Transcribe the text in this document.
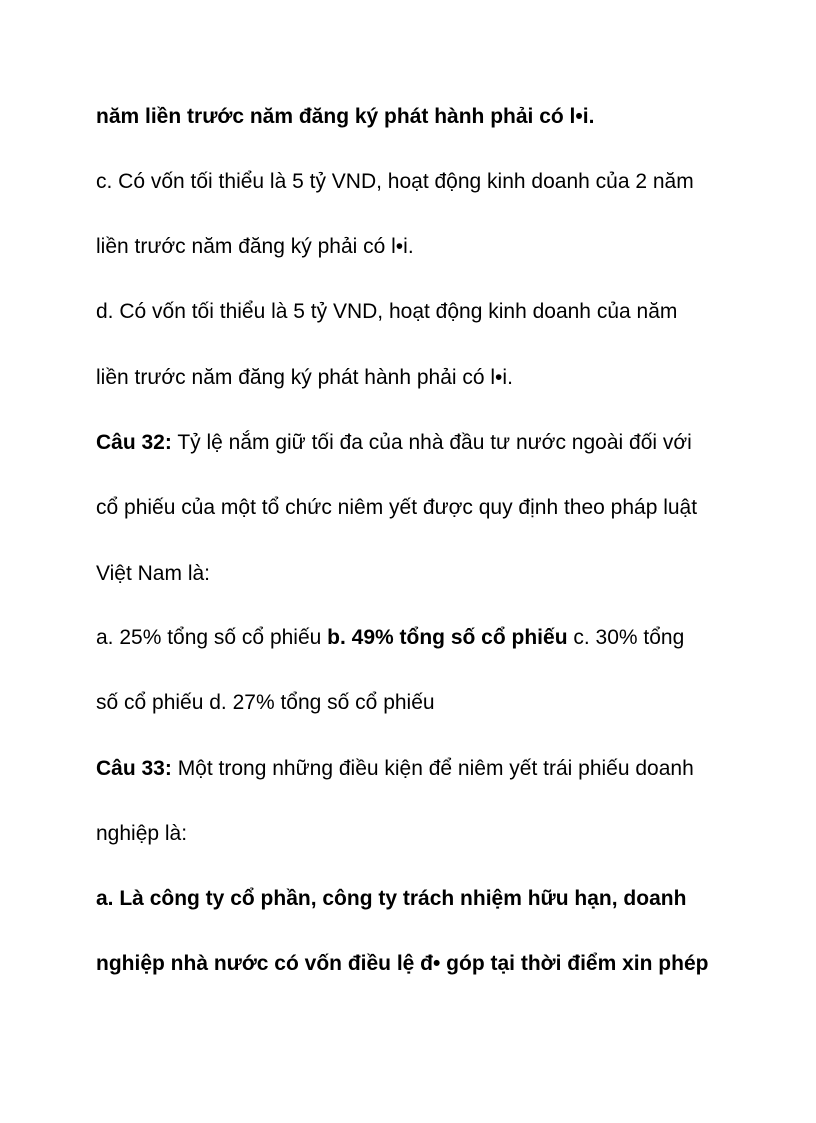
năm liền trước năm đăng ký phát hành phải có l•i.
c. Có vốn tối thiểu là 5 tỷ VND, hoạt động kinh doanh của 2 năm
liền trước năm đăng ký phải có l•i.
d. Có vốn tối thiểu là 5 tỷ VND, hoạt động kinh doanh của năm
liền trước năm đăng ký phát hành phải có l•i.
Câu 32: Tỷ lệ nắm giữ tối đa của nhà đầu tư nước ngoài đối với
cổ phiếu của một tổ chức niêm yết được quy định theo pháp luật
Việt Nam là:
a. 25% tổng số cổ phiếu b. 49% tổng số cổ phiếu c. 30% tổng
số cổ phiếu d. 27% tổng số cổ phiếu
Câu 33: Một trong những điều kiện để niêm yết trái phiếu doanh
nghiệp là:
a. Là công ty cổ phần, công ty trách nhiệm hữu hạn, doanh
nghiệp nhà nước có vốn điều lệ đ• góp tại thời điểm xin phép
